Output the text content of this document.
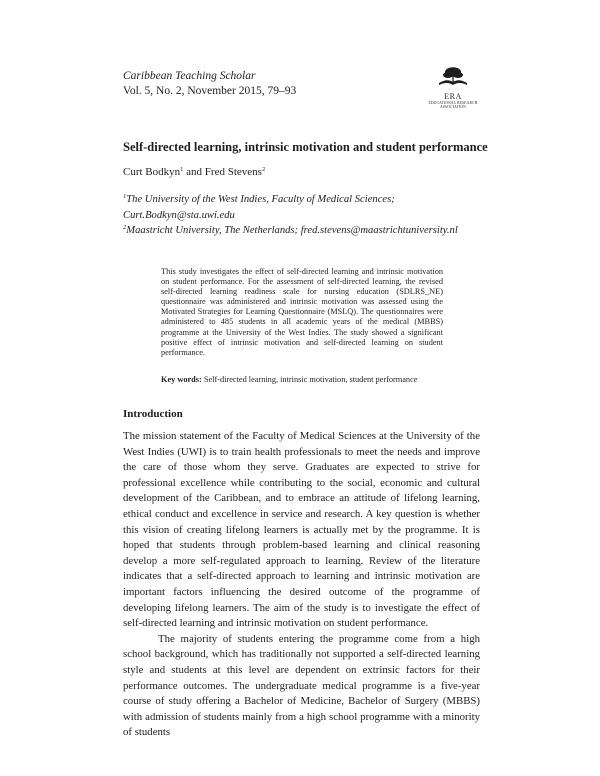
Caribbean Teaching Scholar
Vol. 5, No. 2, November 2015, 79–93	ERA
EDUCATIONAL RESEARCH
ASSOCIATION
Self-directed learning, intrinsic motivation and student performance
Curt Bodkyn$^1$ and Fred Stevens$^2$
$^1$The University of the West Indies, Faculty of Medical Sciences;
Curt.Bodkyn@sta.uwi.edu
$^2$Maastricht University, The Netherlands; fred.stevens@maastrichtuniversity.nl
This study investigates the effect of self-directed learning and intrinsic motivation on student performance. For the assessment of self-directed learning, the revised self-directed learning readiness scale for nursing education (SDLRS_NE) questionnaire was administered and intrinsic motivation was assessed using the Motivated Strategies for Learning Questionnaire (MSLQ). The questionnaires were administered to 485 students in all academic years of the medical (MBBS) programme at the University of the West Indies. The study showed a significant positive effect of intrinsic motivation and self-directed learning on student performance.
Key words: Self-directed learning, intrinsic motivation, student performance
Introduction

The mission statement of the Faculty of Medical Sciences at the University of the West Indies (UWI) is to train health professionals to meet the needs and improve the care of those whom they serve. Graduates are expected to strive for professional excellence while contributing to the social, economic and cultural development of the Caribbean, and to embrace an attitude of lifelong learning, ethical conduct and excellence in service and research. A key question is whether this vision of creating lifelong learners is actually met by the programme. It is hoped that students through problem-based learning and clinical reasoning develop a more self-regulated approach to learning. Review of the literature indicates that a self-directed approach to learning and intrinsic motivation are important factors influencing the desired outcome of the programme of developing lifelong learners. The aim of the study is to investigate the effect of self-directed learning and intrinsic motivation on student performance.

The majority of students entering the programme come from a high school background, which has traditionally not supported a self-directed learning style and students at this level are dependent on extrinsic factors for their performance outcomes. The undergraduate medical programme is a five-year course of study offering a Bachelor of Medicine, Bachelor of Surgery (MBBS) with admission of students mainly from a high school programme with a minority of students
